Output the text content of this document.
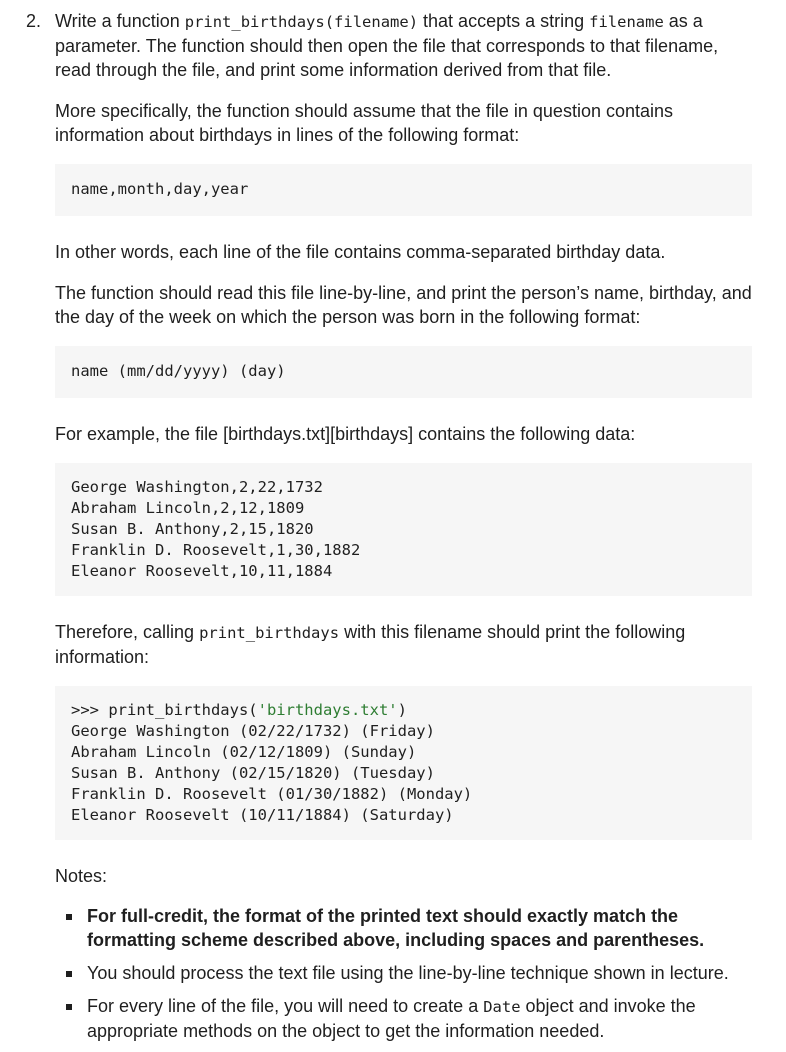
2. Write a function print_birthdays(filename) that accepts a string filename as a parameter. The function should then open the file that corresponds to that filename, read through the file, and print some information derived from that file.

More specifically, the function should assume that the file in question contains information about birthdays in lines of the following format:

name,month,day,year

In other words, each line of the file contains comma-separated birthday data.

The function should read this file line-by-line, and print the person’s name, birthday, and the day of the week on which the person was born in the following format:

name (mm/dd/yyyy) (day)

For example, the file [birthdays.txt][birthdays] contains the following data:

George Washington,2,22,1732
Abraham Lincoln,2,12,1809
Susan B. Anthony,2,15,1820
Franklin D. Roosevelt,1,30,1882
Eleanor Roosevelt,10,11,1884

Therefore, calling print_birthdays with this filename should print the following information:

>>> print_birthdays('birthdays.txt')
George Washington (02/22/1732) (Friday)
Abraham Lincoln (02/12/1809) (Sunday)
Susan B. Anthony (02/15/1820) (Tuesday)
Franklin D. Roosevelt (01/30/1882) (Monday)
Eleanor Roosevelt (10/11/1884) (Saturday)

Notes:

For full-credit, the format of the printed text should exactly match the formatting scheme described above, including spaces and parentheses.
You should process the text file using the line-by-line technique shown in lecture.
For every line of the file, you will need to create a Date object and invoke the appropriate methods on the object to get the information needed.
